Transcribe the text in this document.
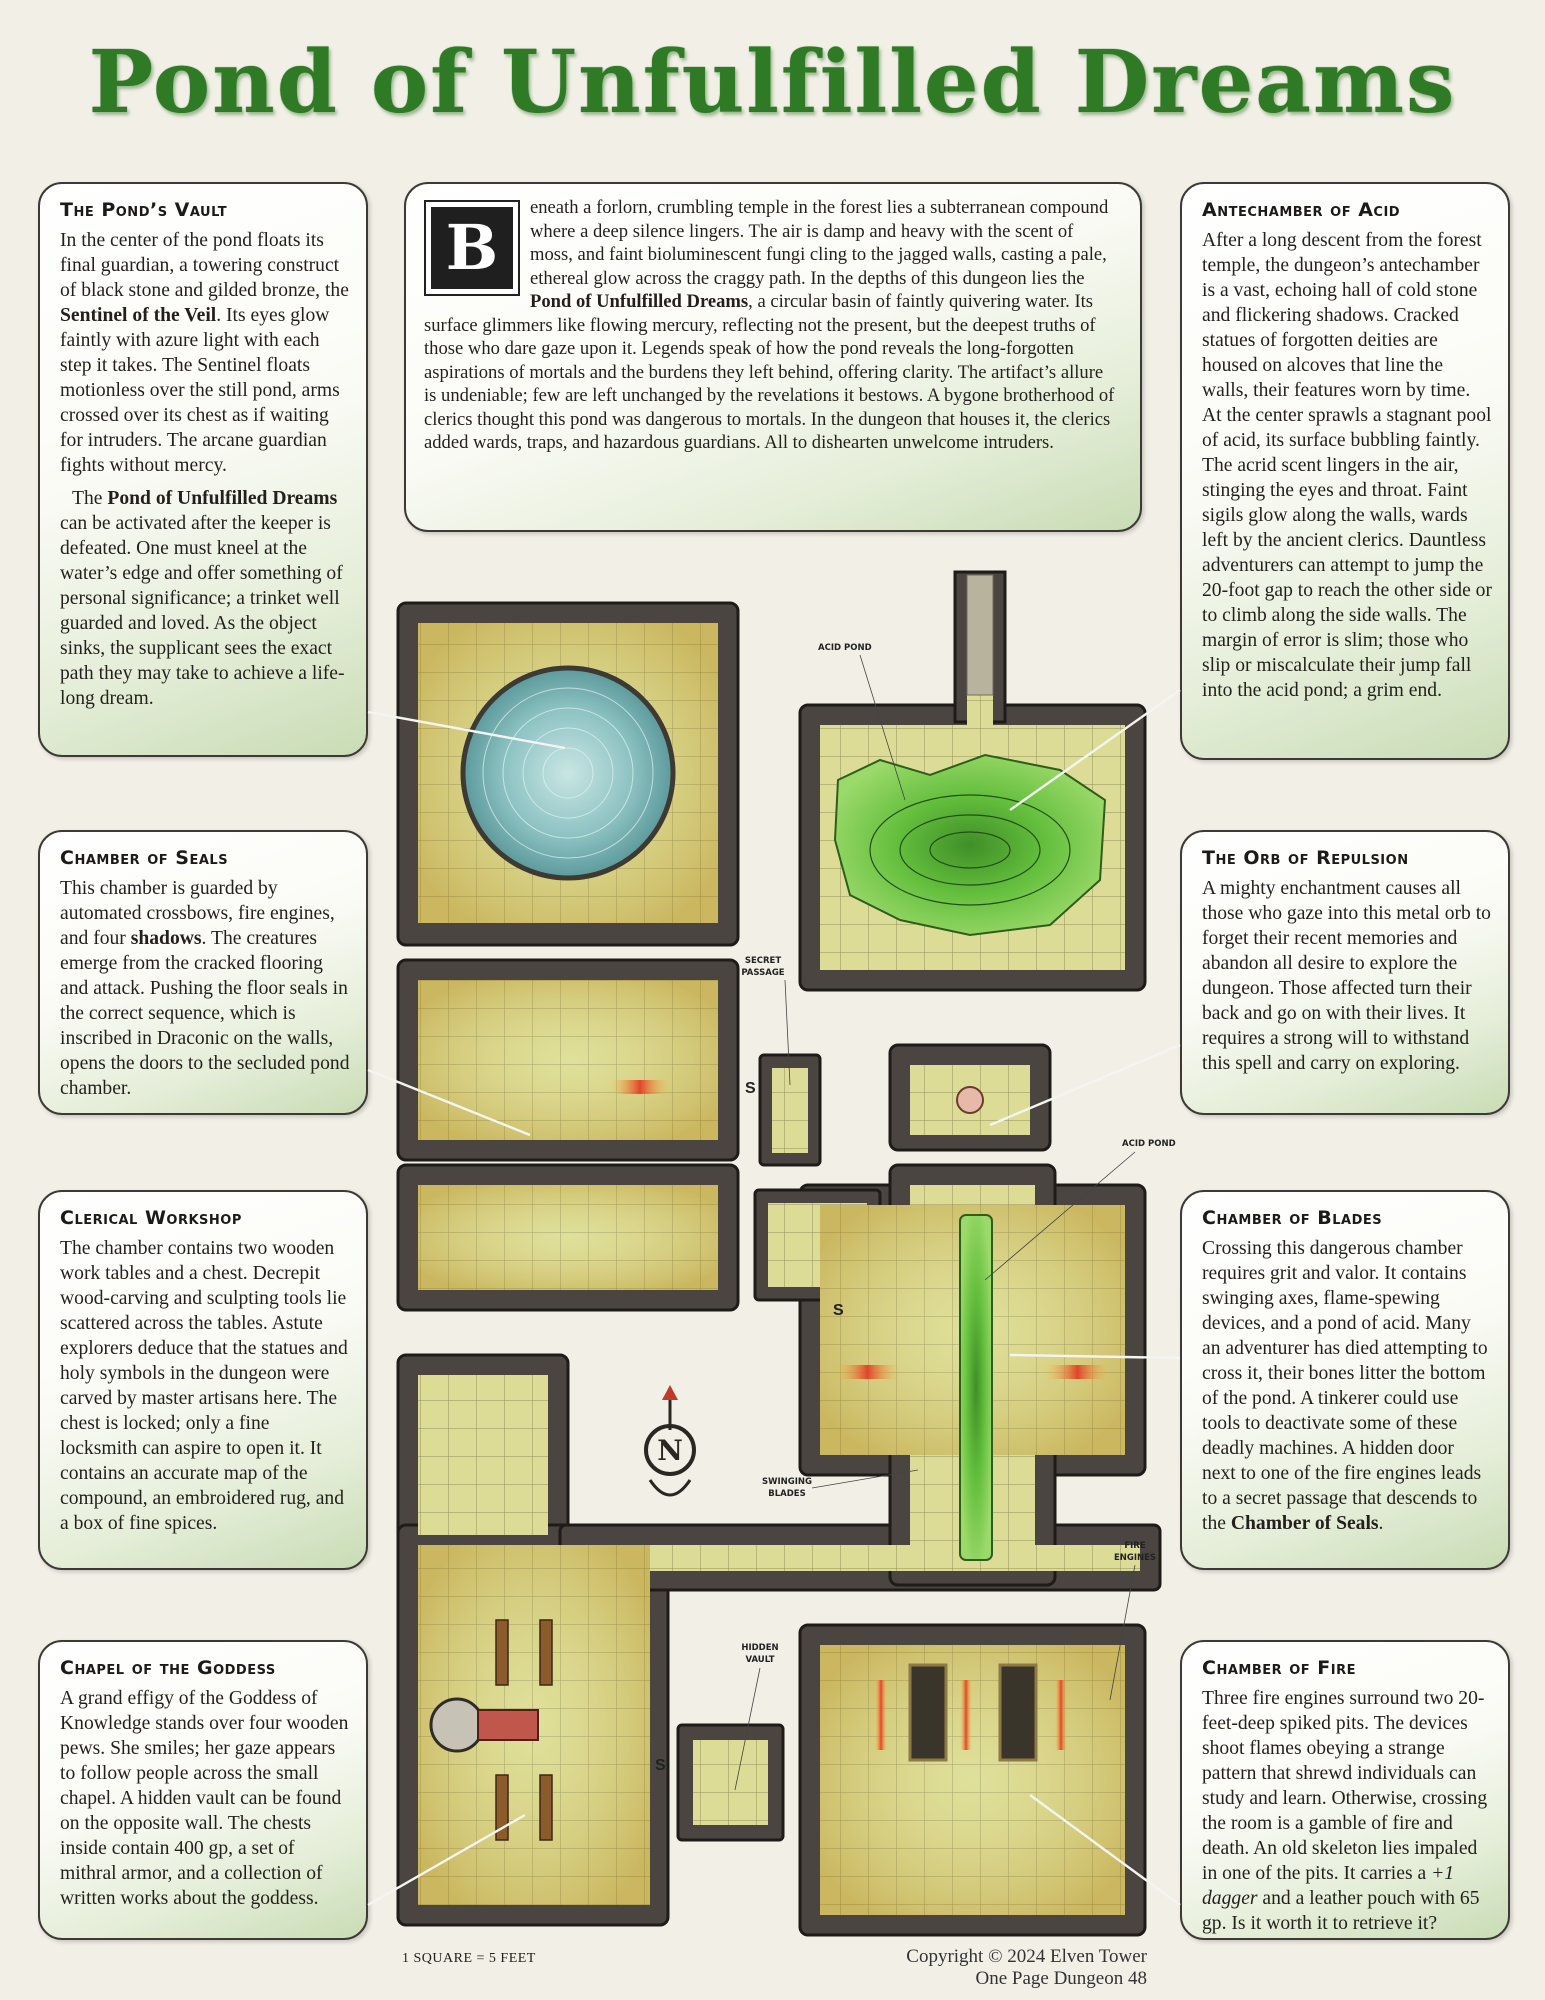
Pond of Unfulfilled Dreams
The Pond’s Vault

In the center of the pond floats its final guardian, a towering construct of black stone and gilded bronze, the Sentinel of the Veil. Its eyes glow faintly with azure light with each step it takes. The Sentinel floats motionless over the still pond, arms crossed over its chest as if waiting for intruders. The arcane guardian fights without mercy.

The Pond of Unfulfilled Dreams can be activated after the keeper is defeated. One must kneel at the water’s edge and offer something of personal significance; a trinket well guarded and loved. As the object sinks, the supplicant sees the exact path they may take to achieve a life-long dream.

Chamber of Seals

This chamber is guarded by automated crossbows, fire engines, and four shadows. The creatures emerge from the cracked flooring and attack. Pushing the floor seals in the correct sequence, which is inscribed in Draconic on the walls, opens the doors to the secluded pond chamber.

Clerical Workshop

The chamber contains two wooden work tables and a chest. Decrepit wood-carving and sculpting tools lie scattered across the tables. Astute explorers deduce that the statues and holy symbols in the dungeon were carved by master artisans here. The chest is locked; only a fine locksmith can aspire to open it. It contains an accurate map of the compound, an embroidered rug, and a box of fine spices.

Chapel of the Goddess

A grand effigy of the Goddess of Knowledge stands over four wooden pews. She smiles; her gaze appears to follow people across the small chapel. A hidden vault can be found on the opposite wall. The chests inside contain 400 gp, a set of mithral armor, and a collection of written works about the goddess.

B

eneath a forlorn, crumbling temple in the forest lies a subterranean compound where a deep silence lingers. The air is damp and heavy with the scent of moss, and faint bioluminescent fungi cling to the jagged walls, casting a pale, ethereal glow across the craggy path. In the depths of this dungeon lies the Pond of Unfulfilled Dreams, a circular basin of faintly quivering water. Its surface glimmers like flowing mercury, reflecting not the present, but the deepest truths of those who dare gaze upon it. Legends speak of how the pond reveals the long-forgotten aspirations of mortals and the burdens they left behind, offering clarity. The artifact’s allure is undeniable; few are left unchanged by the revelations it bestows. A bygone brotherhood of clerics thought this pond was dangerous to mortals. In the dungeon that houses it, the clerics added wards, traps, and hazardous guardians. All to dishearten unwelcome intruders.

Antechamber of Acid

After a long descent from the forest temple, the dungeon’s antechamber is a vast, echoing hall of cold stone and flickering shadows. Cracked statues of forgotten deities are housed on alcoves that line the walls, their features worn by time. At the center sprawls a stagnant pool of acid, its surface bubbling faintly. The acrid scent lingers in the air, stinging the eyes and throat. Faint sigils glow along the walls, wards left by the ancient clerics. Dauntless adventurers can attempt to jump the 20-foot gap to reach the other side or to climb along the side walls. The margin of error is slim; those who slip or miscalculate their jump fall into the acid pond; a grim end.

The Orb of Repulsion

A mighty enchantment causes all those who gaze into this metal orb to forget their recent memories and abandon all desire to explore the dungeon. Those affected turn their back and go on with their lives. It requires a strong will to withstand this spell and carry on exploring.

Chamber of Blades

Crossing this dangerous chamber requires grit and valor. It contains swinging axes, flame-spewing devices, and a pond of acid. Many an adventurer has died attempting to cross it, their bones litter the bottom of the pond. A tinkerer could use tools to deactivate some of these deadly machines. A hidden door next to one of the fire engines leads to a secret passage that descends to the Chamber of Seals.

Chamber of Fire

Three fire engines surround two 20-feet-deep spiked pits. The devices shoot flames obeying a strange pattern that shrewd individuals can study and learn. Otherwise, crossing the room is a gamble of fire and death. An old skeleton lies impaled in one of the pits. It carries a +1 dagger and a leather pouch with 65 gp. Is it worth it to retrieve it?

N
S
S
S
ACID POND
ACID POND
SECRET
PASSAGE
SWINGING
BLADES
FIRE
ENGINES
HIDDEN
VAULT
1 SQUARE = 5 FEET	Copyright © 2024 Elven Tower
One Page Dungeon 48
